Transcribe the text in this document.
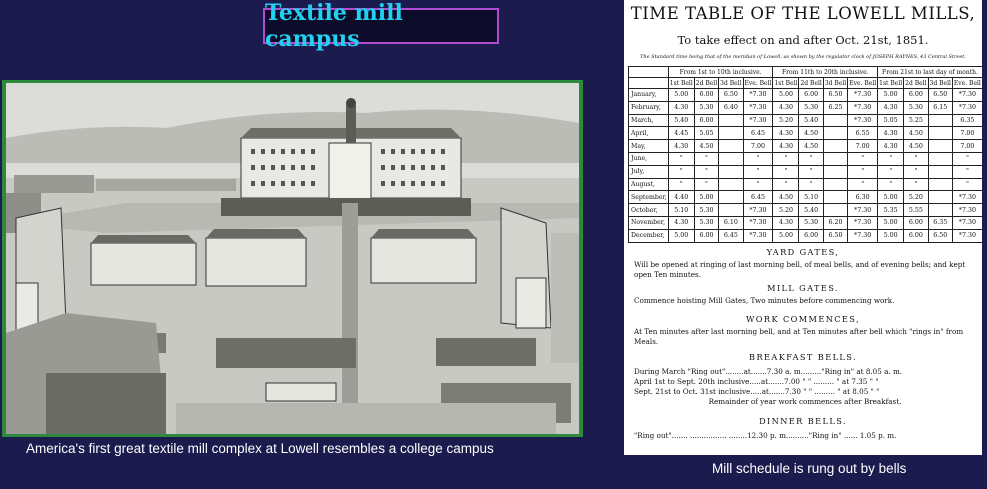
Textile mill campus
America's first great textile mill complex at Lowell resembles a college campus
TIME TABLE OF THE LOWELL MILLS,
To take effect on and after Oct. 21st, 1851.
The Standard time being that of the meridian of Lowell, as shown by the regulator clock of JOSEPH RAYNES, 43 Central Street.
	From 1st to 10th inclusive.				From 11th to 20th inclusive.				From 21st to last day of month.			
	1st Bell	2d Bell	3d Bell	Eve. Bell	1st Bell	2d Bell	3d Bell	Eve. Bell	1st Bell	2d Bell	3d Bell	Eve. Bell
January,	5.00	6.00	6.50	*7.30	5.00	6.00	6.50	*7.30	5.00	6.00	6.50	*7.30
February,	4.30	5.30	6.40	*7.30	4.30	5.30	6.25	*7.30	4.30	5.30	6.15	*7.30
March,	5.40	6.00		*7.30	5.20	5.40		*7.30	5.05	5.25		6.35
April,	4.45	5.05		6.45	4.30	4.50		6.55	4.30	4.50		7.00
May,	4.30	4.50		7.00	4.30	4.50		7.00	4.30	4.50		7.00
June,	"	"		"	"	"		"	"	"		"
July,	"	"		"	"	"		"	"	"		"
August,	"	"		"	"	"		"	"	"		"
September,	4.40	5.00		6.45	4.50	5.10		6.30	5.00	5.20		*7.30
October,	5.10	5.30		*7.30	5.20	5.40		*7.30	5.35	5.55		*7.30
November,	4.30	5.30	6.10	*7.30	4.30	5.30	6.20	*7.30	5.00	6.00	6.35	*7.30
December,	5.00	6.00	6.45	*7.30	5.00	6.00	6.50	*7.30	5.00	6.00	6.50	*7.30
YARD GATES,
Will be opened at ringing of last morning bell, of meal bells, and of evening bells; and kept open Ten minutes.
MILL GATES.
Commence hoisting Mill Gates, Two minutes before commencing work.
WORK COMMENCES,
At Ten minutes after last morning bell, and at Ten minutes after bell which "rings in" from Meals.
BREAKFAST BELLS.
During March "Ring out"........at.......7.30 a. m........."Ring in" at 8.05 a. m.
April 1st to Sept. 20th inclusive.....at.......7.00 " " ......... " at 7.35 " "
Sept. 21st to Oct. 31st inclusive.....at.......7.30 " " ......... " at 8.05 " "
Remainder of year work commences after Breakfast.
DINNER BELLS.
"Ring out"....... ................ ........12.30 p. m.........."Ring in" ...... 1.05 p. m.
Mill schedule is rung out by bells
